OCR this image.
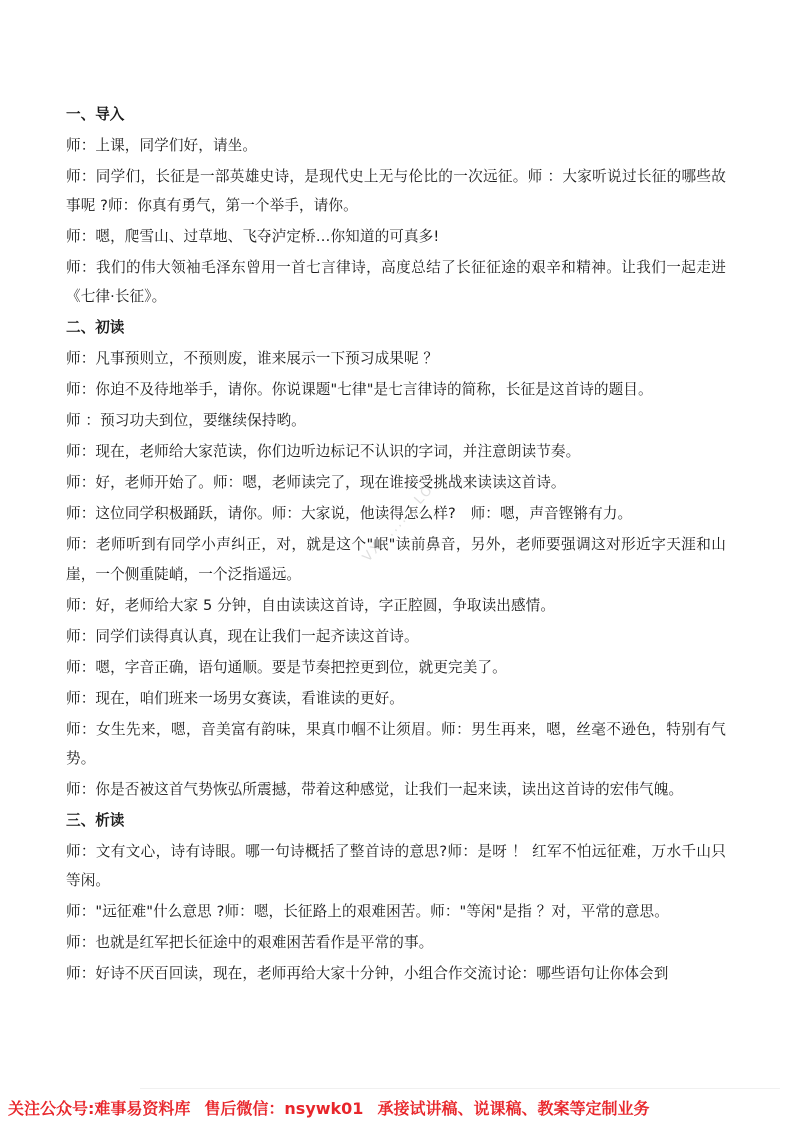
一、导入

师：上课，同学们好，请坐。

师：同学们，长征是一部英雄史诗，是现代史上无与伦比的一次远征。师 ：大家听说过长征的哪些故事呢 ?师：你真有勇气，第一个举手，请你。

师：嗯，爬雪山、过草地、飞夺泸定桥…你知道的可真多!

师：我们的伟大领袖毛泽东曾用一首七言律诗，高度总结了长征征途的艰辛和精神。让我们一起走进《七律·长征》。

二、初读

师：凡事预则立，不预则废，谁来展示一下预习成果呢 ？

师：你迫不及待地举手，请你。你说课题"七律"是七言律诗的简称，长征是这首诗的题目。

师 ：预习功夫到位，要继续保持哟。

师：现在，老师给大家范读，你们边听边标记不认识的字词，并注意朗读节奏。

师：好，老师开始了。师：嗯，老师读完了，现在谁接受挑战来读读这首诗。

师：这位同学积极踊跃，请你。师：大家说，他读得怎么样?　师：嗯，声音铿锵有力。

师：老师听到有同学小声纠正，对，就是这个"岷"读前鼻音，另外，老师要强调这对形近字天涯和山崖，一个侧重陡峭，一个泛指遥远。

师：好，老师给大家 5 分钟，自由读读这首诗，字正腔圆，争取读出感情。

师：同学们读得真认真，现在让我们一起齐读这首诗。

师：嗯，字音正确，语句通顺。要是节奏把控更到位，就更完美了。

师：现在，咱们班来一场男女赛读，看谁读的更好。

师：女生先来，嗯，音美富有韵味，果真巾帼不让须眉。师：男生再来，嗯，丝毫不逊色，特别有气势。

师：你是否被这首气势恢弘所震撼，带着这种感觉，让我们一起来读，读出这首诗的宏伟气魄。

三、析读

师：文有文心，诗有诗眼。哪一句诗概括了整首诗的意思?师：是呀 ！ 红军不怕远征难，万水千山只等闲。

师："远征难"什么意思 ?师：嗯，长征路上的艰难困苦。师："等闲"是指 ？对，平常的意思。

师：也就是红军把长征途中的艰难困苦看作是平常的事。

师：好诗不厌百回读，现在，老师再给大家十分钟，小组合作交流讨论：哪些语句让你体会到

VX:........LO
关注公众号:难事易资料库 售后微信：nsywk01 承接试讲稿、说课稿、教案等定制业务
